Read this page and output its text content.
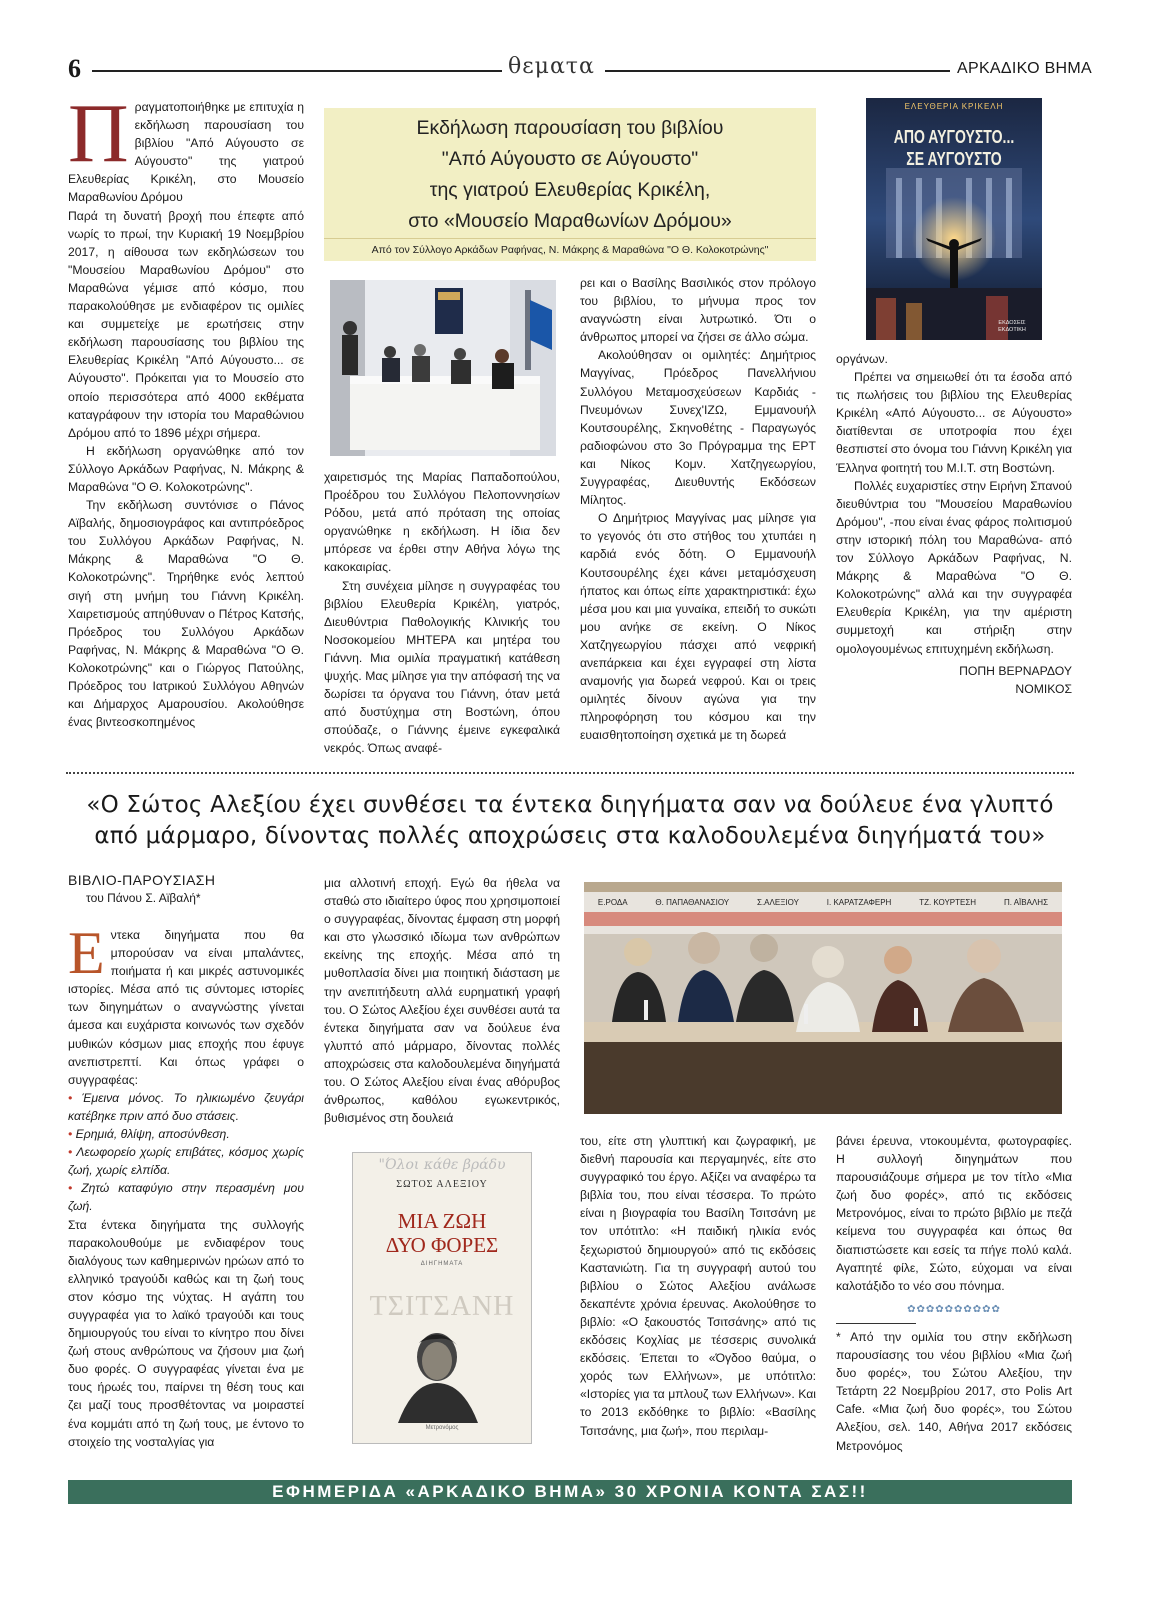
6	θεματα	ΑΡΚΑΔΙΚΟ ΒΗΜΑ
Π ραγματοποιήθηκε με επιτυχία η εκδήλωση παρουσίαση του βιβλίου "Από Αύγουστο σε Αύγουστο" της γιατρού Ελευθερίας Κρικέλη, στο Μουσείο Μαραθωνίου Δρόμου

Παρά τη δυνατή βροχή που έπεφτε από νωρίς το πρωί, την Κυριακή 19 Νοεμβρίου 2017, η αίθουσα των εκδηλώσεων του "Μουσείου Μαραθωνίου Δρόμου" στο Μαραθώνα γέμισε από κόσμο, που παρακολούθησε με ενδιαφέρον τις ομιλίες και συμμετείχε με ερωτήσεις στην εκδήλωση παρουσίασης του βιβλίου της Ελευθερίας Κρικέλη "Από Αύγουστο... σε Αύγουστο". Πρόκειται για το Μουσείο στο οποίο περισσότερα από 4000 εκθέματα καταγράφουν την ιστορία του Μαραθώνιου Δρόμου από το 1896 μέχρι σήμερα.

Η εκδήλωση οργανώθηκε από τον Σύλλογο Αρκάδων Ραφήνας, Ν. Μάκρης & Μαραθώνα "Ο Θ. Κολοκοτρώνης".

Την εκδήλωση συντόνισε ο Πάνος Αϊβαλής, δημοσιογράφος και αντιπρόεδρος του Συλλόγου Αρκάδων Ραφήνας, Ν. Μάκρης & Μαραθώνα "Ο Θ. Κολοκοτρώνης". Τηρήθηκε ενός λεπτού σιγή στη μνήμη του Γιάννη Κρικέλη. Χαιρετισμούς απηύθυναν ο Πέτρος Κατσής, Πρόεδρος του Συλλόγου Αρκάδων Ραφήνας, Ν. Μάκρης & Μαραθώνα "Ο Θ. Κολοκοτρώνης" και ο Γιώργος Πατούλης, Πρόεδρος του Ιατρικού Συλλόγου Αθηνών και Δήμαρχος Αμαρουσίου. Ακολούθησε ένας βιντεοσκοπημένος

Εκδήλωση παρουσίαση του βιβλίου
"Από Αύγουστο σε Αύγουστο"
της γιατρού Ελευθερίας Κρικέλη,
στο «Μουσείο Μαραθωνίων Δρόμου»
Από τον Σύλλογο Αρκάδων Ραφήνας, Ν. Μάκρης & Μαραθώνα "Ο Θ. Κολοκοτρώνης"

χαιρετισμός της Μαρίας Παπαδοπούλου, Προέδρου του Συλλόγου Πελοποννησίων Ρόδου, μετά από πρόταση της οποίας οργανώθηκε η εκδήλωση. Η ίδια δεν μπόρεσε να έρθει στην Αθήνα λόγω της κακοκαιρίας.

Στη συνέχεια μίλησε η συγγραφέας του βιβλίου Ελευθερία Κρικέλη, γιατρός, Διευθύντρια Παθολογικής Κλινικής του Νοσοκομείου ΜΗΤΕΡΑ και μητέρα του Γιάννη. Μια ομιλία πραγματική κατάθεση ψυχής. Μας μίλησε για την απόφασή της να δωρίσει τα όργανα του Γιάννη, όταν μετά από δυστύχημα στη Βοστώνη, όπου σπούδαζε, ο Γιάννης έμεινε εγκεφαλικά νεκρός. Όπως αναφέ-

ρει και ο Βασίλης Βασιλικός στον πρόλογο του βιβλίου, το μήνυμα προς τον αναγνώστη είναι λυτρωτικό. Ότι ο άνθρωπος μπορεί να ζήσει σε άλλο σώμα.

Ακολούθησαν οι ομιλητές: Δημήτριος Μαγγίνας, Πρόεδρος Πανελλήνιου Συλλόγου Μεταμοσχεύσεων Καρδιάς - Πνευμόνων Συνεχ'ΙΖΩ, Εμμανουήλ Κουτσουρέλης, Σκηνοθέτης - Παραγωγός ραδιοφώνου στο 3ο Πρόγραμμα της ΕΡΤ και Νίκος Κομν. Χατζηγεωργίου, Συγγραφέας, Διευθυντής Εκδόσεων Μίλητος.

Ο Δημήτριος Μαγγίνας μας μίλησε για το γεγονός ότι στο στήθος του χτυπάει η καρδιά ενός δότη. Ο Εμμανουήλ Κουτσουρέλης έχει κάνει μεταμόσχευση ήπατος και όπως είπε χαρακτηριστικά: έχω μέσα μου και μια γυναίκα, επειδή το συκώτι μου ανήκε σε εκείνη. Ο Νίκος Χατζηγεωργίου πάσχει από νεφρική ανεπάρκεια και έχει εγγραφεί στη λίστα αναμονής για δωρεά νεφρού. Και οι τρεις ομιλητές δίνουν αγώνα για την πληροφόρηση του κόσμου και την ευαισθητοποίηση σχετικά με τη δωρεά

ΕΛΕΥΘΕΡΙΑ ΚΡΙΚΕΛΗ
ΑΠΟ ΑΥΓΟΥΣΤΟ...
ΣΕ ΑΥΓΟΥΣΤΟ
ΕΚΔΟΣΕΙΣ
ΕΚΔΟΤΙΚΗ

οργάνων.

Πρέπει να σημειωθεί ότι τα έσοδα από τις πωλήσεις του βιβλίου της Ελευθερίας Κρικέλη «Από Αύγουστο... σε Αύγουστο» διατίθενται σε υποτροφία που έχει θεσπιστεί στο όνομα του Γιάννη Κρικέλη για Έλληνα φοιτητή του M.I.T. στη Βοστώνη.

Πολλές ευχαριστίες στην Ειρήνη Σπανού διευθύντρια του "Μουσείου Μαραθωνίου Δρόμου", -που είναι ένας φάρος πολιτισμού στην ιστορική πόλη του Μαραθώνα- από τον Σύλλογο Αρκάδων Ραφήνας, Ν. Μάκρης & Μαραθώνα "Ο Θ. Κολοκοτρώνης" αλλά και την συγγραφέα Ελευθερία Κρικέλη, για την αμέριστη συμμετοχή και στήριξη στην ομολογουμένως επιτυχημένη εκδήλωση.

ΠΟΠΗ ΒΕΡΝΑΡΔΟΥ
ΝΟΜΙΚΟΣ
«Ο Σώτος Αλεξίου έχει συνθέσει τα έντεκα διηγήματα σαν να δούλευε ένα γλυπτό
από μάρμαρο, δίνοντας πολλές αποχρώσεις στα καλοδουλεμένα διηγήματά του»
ΒΙΒΛΙΟ-ΠΑΡΟΥΣΙΑΣΗ
του Πάνου Σ. Αϊβαλή*
Ε ντεκα διηγήματα που θα μπορούσαν να είναι μπαλάντες, ποιήματα ή και μικρές αστυνομικές ιστορίες. Μέσα από τις σύντομες ιστορίες των διηγημάτων ο αναγνώστης γίνεται άμεσα και ευχάριστα κοινωνός των σχεδόν μυθικών κόσμων μιας εποχής που έφυγε ανεπιστρεπτί. Και όπως γράφει ο συγγραφέας:

• Έμεινα μόνος. Το ηλικιωμένο ζευγάρι κατέβηκε πριν από δυο στάσεις.
• Ερημιά, θλίψη, αποσύνθεση.
• Λεωφορείο χωρίς επιβάτες, κόσμος χωρίς ζωή, χωρίς ελπίδα.
• Ζητώ καταφύγιο στην περασμένη μου ζωή.

Στα έντεκα διηγήματα της συλλογής παρακολουθούμε με ενδιαφέρον τους διαλόγους των καθημερινών ηρώων από το ελληνικό τραγούδι καθώς και τη ζωή τους στον κόσμο της νύχτας. Η αγάπη του συγγραφέα για το λαϊκό τραγούδι και τους δημιουργούς του είναι το κίνητρο που δίνει ζωή στους ανθρώπους να ζήσουν μια ζωή δυο φορές. Ο συγγραφέας γίνεται ένα με τους ήρωές του, παίρνει τη θέση τους και ζει μαζί τους προσθέτοντας να μοιραστεί ένα κομμάτι από τη ζωή τους, με έντονο το στοιχείο της νοσταλγίας για

μια αλλοτινή εποχή. Εγώ θα ήθελα να σταθώ στο ιδιαίτερο ύφος που χρησιμοποιεί ο συγγραφέας, δίνοντας έμφαση στη μορφή και στο γλωσσικό ιδίωμα των ανθρώπων εκείνης της εποχής. Μέσα από τη μυθοπλασία δίνει μια ποιητική διάσταση με την ανεπιτήδευτη αλλά ευρηματική γραφή του. Ο Σώτος Αλεξίου έχει συνθέσει αυτά τα έντεκα διηγήματα σαν να δούλευε ένα γλυπτό από μάρμαρο, δίνοντας πολλές αποχρώσεις στα καλοδουλεμένα διηγήματά του. Ο Σώτος Αλεξίου είναι ένας αθόρυβος άνθρωπος, καθόλου εγωκεντρικός, βυθισμένος στη δουλειά

"Όλοι κάθε βράδυ
ΣΩΤΟΣ ΑΛΕΞΙΟΥ
ΜΙΑ ΖΩΗ
ΔΥΟ ΦΟΡΕΣ
ΔΙΗΓΗΜΑΤΑ
ΤΣΙΤΣΑΝΗ
Μετρονόμος
Ε.ΡΟΔΑ	Θ. ΠΑΠΑΘΑΝΑΣΙΟΥ	Σ.ΑΛΕΞΙΟΥ	Ι. ΚΑΡΑΤΖΑΦΕΡΗ	ΤΖ. ΚΟΥΡΤΕΣΗ	Π. ΑΪΒΑΛΗΣ

του, είτε στη γλυπτική και ζωγραφική, με διεθνή παρουσία και περγαμηνές, είτε στο συγγραφικό του έργο. Αξίζει να αναφέρω τα βιβλία του, που είναι τέσσερα. Το πρώτο είναι η βιογραφία του Βασίλη Τσιτσάνη με τον υπότιτλο: «Η παιδική ηλικία ενός ξεχωριστού δημιουργού» από τις εκδόσεις Καστανιώτη. Για τη συγγραφή αυτού του βιβλίου ο Σώτος Αλεξίου ανάλωσε δεκαπέντε χρόνια έρευνας. Ακολούθησε το βιβλίο: «Ο ξακουστός Τσιτσάνης» από τις εκδόσεις Κοχλίας με τέσσερις συνολικά εκδόσεις. Έπεται το «Όγδοο θαύμα, ο χορός των Ελλήνων», με υπότιτλο: «Ιστορίες για τα μπλουζ των Ελλήνων». Και το 2013 εκδόθηκε το βιβλίο: «Βασίλης Τσιτσάνης, μια ζωή», που περιλαμ-

βάνει έρευνα, ντοκουμέντα, φωτογραφίες. Η συλλογή διηγημάτων που παρουσιάζουμε σήμερα με τον τίτλο «Μια ζωή δυο φορές», από τις εκδόσεις Μετρονόμος, είναι το πρώτο βιβλίο με πεζά κείμενα του συγγραφέα και όπως θα διαπιστώσετε και εσείς τα πήγε πολύ καλά. Αγαπητέ φίλε, Σώτο, εύχομαι να είναι καλοτάξιδο το νέο σου πόνημα.

✿✿✿✿✿✿✿✿✿✿

* Από την ομιλία του στην εκδήλωση παρουσίασης του νέου βιβλίου «Μια ζωή δυο φορές», του Σώτου Αλεξίου, την Τετάρτη 22 Νοεμβρίου 2017, στο Polis Art Cafe. «Μια ζωή δυο φορές», του Σώτου Αλεξίου, σελ. 140, Αθήνα 2017 εκδόσεις Μετρονόμος

ΕΦΗΜΕΡΙΔΑ «ΑΡΚΑΔΙΚΟ ΒΗΜΑ» 30 ΧΡΟΝΙΑ ΚΟΝΤΑ ΣΑΣ!!
